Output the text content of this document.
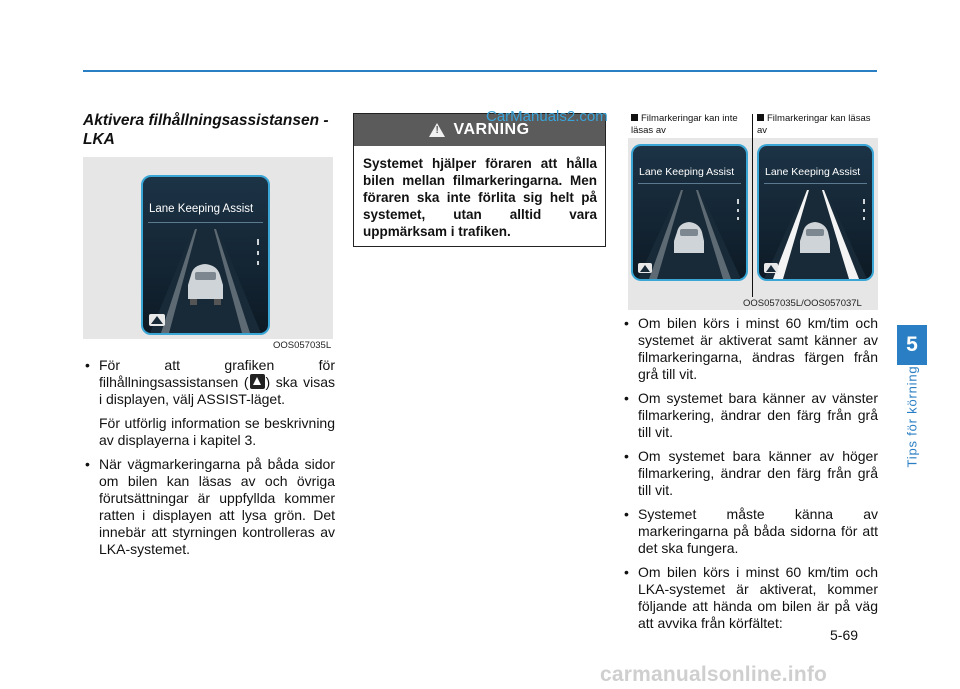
Aktivera filhållningsassistansen - LKA
Lane Keeping Assist
OOS057035L
• För att grafiken för filhållningsassistansen ( ) ska visas i displayen, välj ASSIST-läget.
För utförlig information se beskrivning av displayerna i kapitel 3.
• När vägmarkeringarna på båda sidor om bilen kan läsas av och övriga förutsättningar är uppfyllda kommer ratten i displayen att lysa grön. Det innebär att styrningen kontrolleras av LKA-systemet.
!
VARNING
Systemet hjälper föraren att hålla bilen mellan filmarkeringarna. Men föraren ska inte förlita sig helt på systemet, utan alltid vara uppmärksam i trafiken.
CarManuals2.com	Filmarkeringar kan inte läsas av
Filmarkeringar kan läsas av
Lane Keeping Assist	Lane Keeping Assist
OOS057035L/OOS057037L
• Om bilen körs i minst 60 km/tim och systemet är aktiverat samt känner av filmarkeringarna, ändras färgen från grå till vit.
• Om systemet bara känner av vänster filmarkering, ändrar den färg från grå till vit.
• Om systemet bara känner av höger filmarkering, ändrar den färg från grå till vit.
• Systemet måste känna av markeringarna på båda sidorna för att det ska fungera.
• Om bilen körs i minst 60 km/tim och LKA-systemet är aktiverat, kommer följande att hända om bilen är på väg att avvika från körfältet:
5
Tips för körning
5-69
carmanualsonline.info
